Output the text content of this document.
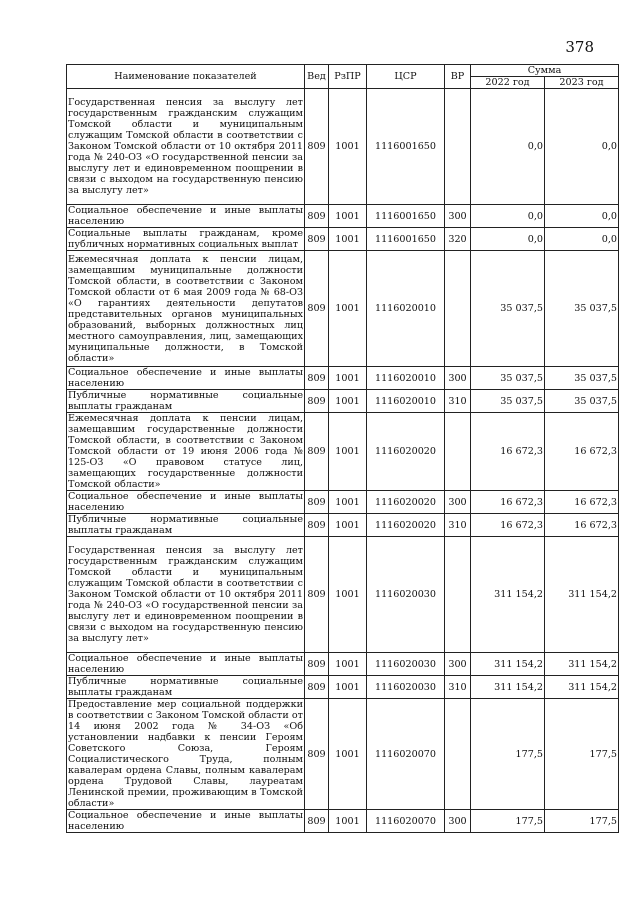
378
Наименование показателей	Вед	РзПР	ЦСР	ВР	Сумма	
					2022 год	2023 год
Государственная пенсия за выслугу лет государственным гражданским служащим Томской области и муниципальным служащим Томской области в соответствии с Законом Томской области от 10 октября 2011 года № 240-ОЗ «О государственной пенсии за выслугу лет и единовременном поощрении в связи с выходом на государственную пенсию за выслугу лет»	809	1001	1116001650		0,0	0,0
Социальное обеспечение и иные выплаты населению	809	1001	1116001650	300	0,0	0,0
Социальные выплаты гражданам, кроме публичных нормативных социальных выплат	809	1001	1116001650	320	0,0	0,0
Ежемесячная доплата к пенсии лицам, замещавшим муниципальные должности Томской области, в соответствии с Законом Томской области от 6 мая 2009 года № 68-ОЗ «О гарантиях деятельности депутатов представительных органов муниципальных образований, выборных должностных лиц местного самоуправления, лиц, замещающих муниципальные должности, в Томской области»	809	1001	1116020010		35 037,5	35 037,5
Социальное обеспечение и иные выплаты населению	809	1001	1116020010	300	35 037,5	35 037,5
Публичные нормативные социальные выплаты гражданам	809	1001	1116020010	310	35 037,5	35 037,5
Ежемесячная доплата к пенсии лицам, замещавшим государственные должности Томской области, в соответствии с Законом Томской области от 19 июня 2006 года № 125-ОЗ «О правовом статусе лиц, замещающих государственные должности Томской области»	809	1001	1116020020		16 672,3	16 672,3
Социальное обеспечение и иные выплаты населению	809	1001	1116020020	300	16 672,3	16 672,3
Публичные нормативные социальные выплаты гражданам	809	1001	1116020020	310	16 672,3	16 672,3
Государственная пенсия за выслугу лет государственным гражданским служащим Томской области и муниципальным служащим Томской области в соответствии с Законом Томской области от 10 октября 2011 года № 240-ОЗ «О государственной пенсии за выслугу лет и единовременном поощрении в связи с выходом на государственную пенсию за выслугу лет»	809	1001	1116020030		311 154,2	311 154,2
Социальное обеспечение и иные выплаты населению	809	1001	1116020030	300	311 154,2	311 154,2
Публичные нормативные социальные выплаты гражданам	809	1001	1116020030	310	311 154,2	311 154,2
Предоставление мер социальной поддержки в соответствии с Законом Томской области от 14 июня 2002 года № 34-ОЗ «Об установлении надбавки к пенсии Героям Советского Союза, Героям Социалистического Труда, полным кавалерам ордена Славы, полным кавалерам ордена Трудовой Славы, лауреатам Ленинской премии, проживающим в Томской области»	809	1001	1116020070		177,5	177,5
Социальное обеспечение и иные выплаты населению	809	1001	1116020070	300	177,5	177,5
